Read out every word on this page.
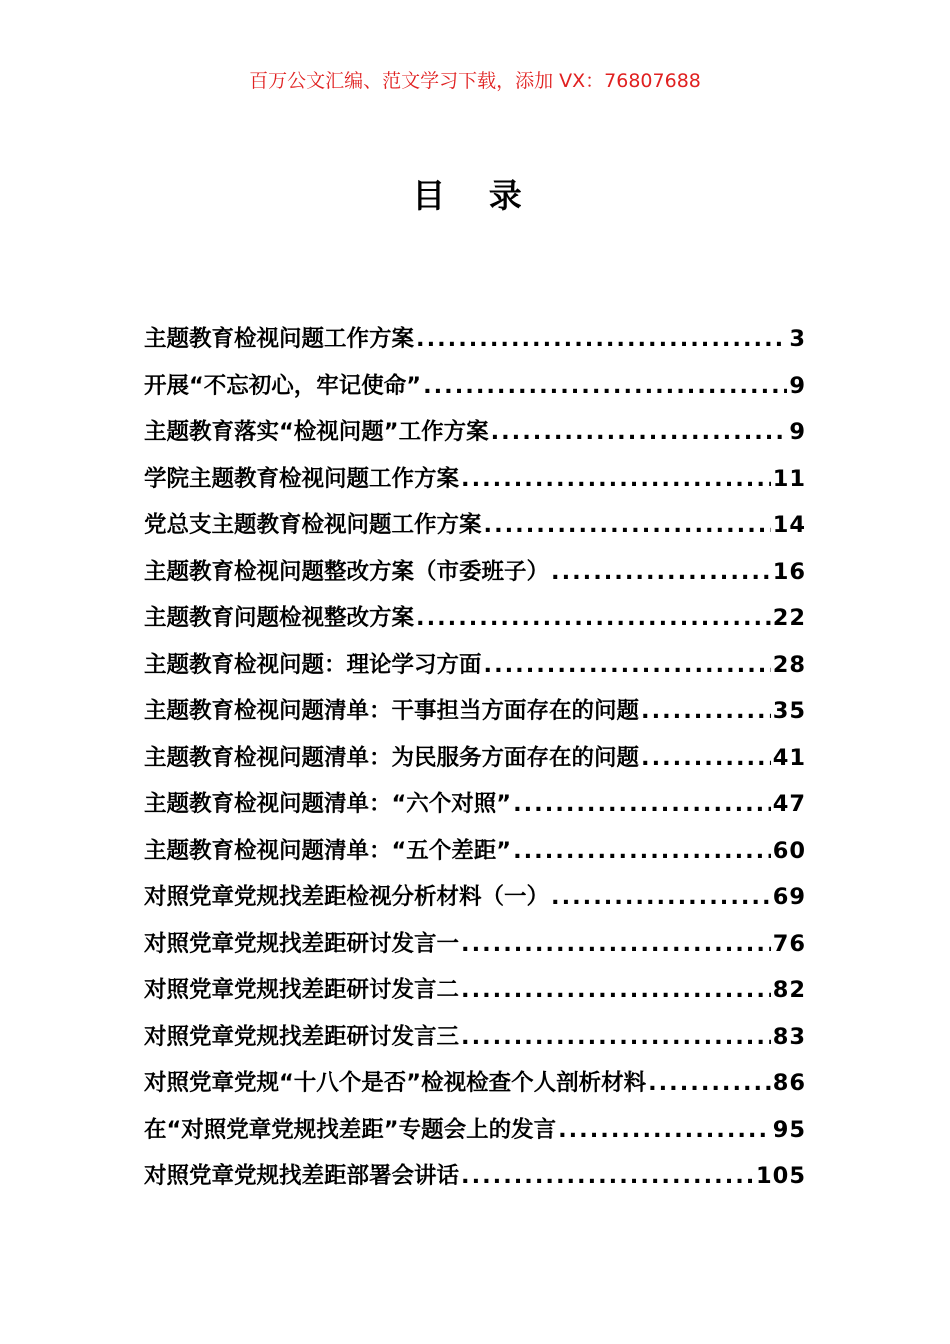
百万公文汇编、范文学习下载，添加 VX：76807688
目 录
主题教育检视问题工作方案 .....	3
开展“不忘初心，牢记使命” .....	9
主题教育落实“检视问题”工作方案 .....	9
学院主题教育检视问题工作方案 .....	11
党总支主题教育检视问题工作方案 .....	14
主题教育检视问题整改方案（市委班子） .....	16
主题教育问题检视整改方案 .....	22
主题教育检视问题：理论学习方面 .....	28
主题教育检视问题清单：干事担当方面存在的问题 .....	35
主题教育检视问题清单：为民服务方面存在的问题 .....	41
主题教育检视问题清单：“六个对照” .....	47
主题教育检视问题清单：“五个差距” .....	60
对照党章党规找差距检视分析材料（一） .....	69
对照党章党规找差距研讨发言一 .....	76
对照党章党规找差距研讨发言二 .....	82
对照党章党规找差距研讨发言三 .....	83
对照党章党规“十八个是否”检视检查个人剖析材料 .....	86
在“对照党章党规找差距”专题会上的发言 .....	95
对照党章党规找差距部署会讲话 .....	105
